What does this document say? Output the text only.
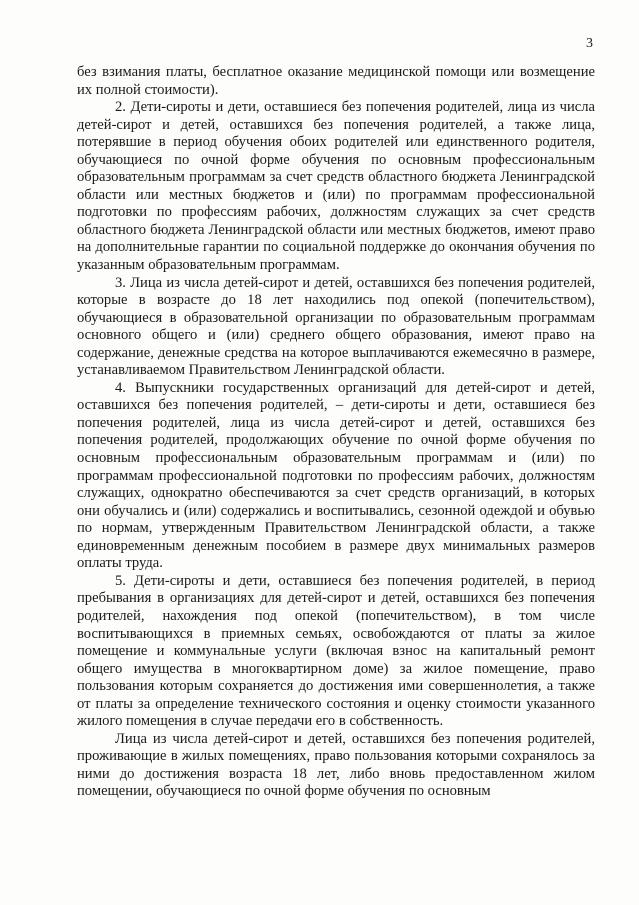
3

без взимания платы, бесплатное оказание медицинской помощи или возмещение их полной стоимости).

2. Дети-сироты и дети, оставшиеся без попечения родителей, лица из числа детей-сирот и детей, оставшихся без попечения родителей, а также лица, потерявшие в период обучения обоих родителей или единственного родителя, обучающиеся по очной форме обучения по основным профессиональным образовательным программам за счет средств областного бюджета Ленинградской области или местных бюджетов и (или) по программам профессиональной подготовки по профессиям рабочих, должностям служащих за счет средств областного бюджета Ленинградской области или местных бюджетов, имеют право на дополнительные гарантии по социальной поддержке до окончания обучения по указанным образовательным программам.

3. Лица из числа детей-сирот и детей, оставшихся без попечения родителей, которые в возрасте до 18 лет находились под опекой (попечительством), обучающиеся в образовательной организации по образовательным программам основного общего и (или) среднего общего образования, имеют право на содержание, денежные средства на которое выплачиваются ежемесячно в размере, устанавливаемом Правительством Ленинградской области.

4. Выпускники государственных организаций для детей-сирот и детей, оставшихся без попечения родителей, – дети-сироты и дети, оставшиеся без попечения родителей, лица из числа детей-сирот и детей, оставшихся без попечения родителей, продолжающих обучение по очной форме обучения по основным профессиональным образовательным программам и (или) по программам профессиональной подготовки по профессиям рабочих, должностям служащих, однократно обеспечиваются за счет средств организаций, в которых они обучались и (или) содержались и воспитывались, сезонной одеждой и обувью по нормам, утвержденным Правительством Ленинградской области, а также единовременным денежным пособием в размере двух минимальных размеров оплаты труда.

5. Дети-сироты и дети, оставшиеся без попечения родителей, в период пребывания в организациях для детей-сирот и детей, оставшихся без попечения родителей, нахождения под опекой (попечительством), в том числе воспитывающихся в приемных семьях, освобождаются от платы за жилое помещение и коммунальные услуги (включая взнос на капитальный ремонт общего имущества в многоквартирном доме) за жилое помещение, право пользования которым сохраняется до достижения ими совершеннолетия, а также от платы за определение технического состояния и оценку стоимости указанного жилого помещения в случае передачи его в собственность.

Лица из числа детей-сирот и детей, оставшихся без попечения родителей, проживающие в жилых помещениях, право пользования которыми сохранялось за ними до достижения возраста 18 лет, либо вновь предоставленном жилом помещении, обучающиеся по очной форме обучения по основным
